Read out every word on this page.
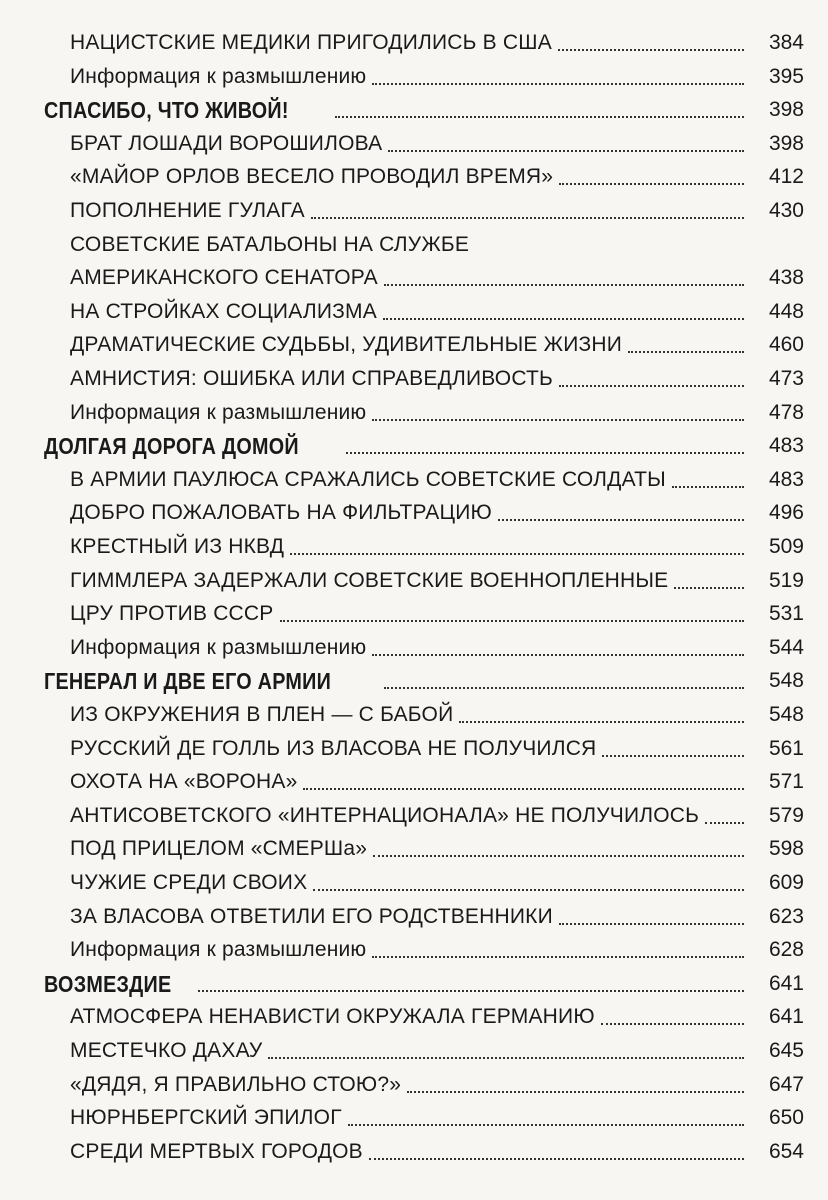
НАЦИСТСКИЕ МЕДИКИ ПРИГОДИЛИСЬ В США	384
Информация к размышлению	395
СПАСИБО, ЧТО ЖИВОЙ!	398
БРАТ ЛОШАДИ ВОРОШИЛОВА	398
«МАЙОР ОРЛОВ ВЕСЕЛО ПРОВОДИЛ ВРЕМЯ»	412
ПОПОЛНЕНИЕ ГУЛАГА	430
СОВЕТСКИЕ БАТАЛЬОНЫ НА СЛУЖБЕ
АМЕРИКАНСКОГО СЕНАТОРА	438
НА СТРОЙКАХ СОЦИАЛИЗМА	448
ДРАМАТИЧЕСКИЕ СУДЬБЫ, УДИВИТЕЛЬНЫЕ ЖИЗНИ	460
АМНИСТИЯ: ОШИБКА ИЛИ СПРАВЕДЛИВОСТЬ	473
Информация к размышлению	478
ДОЛГАЯ ДОРОГА ДОМОЙ	483
В АРМИИ ПАУЛЮСА СРАЖАЛИСЬ СОВЕТСКИЕ СОЛДАТЫ	483
ДОБРО ПОЖАЛОВАТЬ НА ФИЛЬТРАЦИЮ	496
КРЕСТНЫЙ ИЗ НКВД	509
ГИММЛЕРА ЗАДЕРЖАЛИ СОВЕТСКИЕ ВОЕННОПЛЕННЫЕ	519
ЦРУ ПРОТИВ СССР	531
Информация к размышлению	544
ГЕНЕРАЛ И ДВЕ ЕГО АРМИИ	548
ИЗ ОКРУЖЕНИЯ В ПЛЕН — С БАБОЙ	548
РУССКИЙ ДЕ ГОЛЛЬ ИЗ ВЛАСОВА НЕ ПОЛУЧИЛСЯ	561
ОХОТА НА «ВОРОНА»	571
АНТИСОВЕТСКОГО «ИНТЕРНАЦИОНАЛА» НЕ ПОЛУЧИЛОСЬ	579
ПОД ПРИЦЕЛОМ «СМЕРШа»	598
ЧУЖИЕ СРЕДИ СВОИХ	609
ЗА ВЛАСОВА ОТВЕТИЛИ ЕГО РОДСТВЕННИКИ	623
Информация к размышлению	628
ВОЗМЕЗДИЕ	641
АТМОСФЕРА НЕНАВИСТИ ОКРУЖАЛА ГЕРМАНИЮ	641
МЕСТЕЧКО ДАХАУ	645
«ДЯДЯ, Я ПРАВИЛЬНО СТОЮ?»	647
НЮРНБЕРГСКИЙ ЭПИЛОГ	650
СРЕДИ МЕРТВЫХ ГОРОДОВ	654
